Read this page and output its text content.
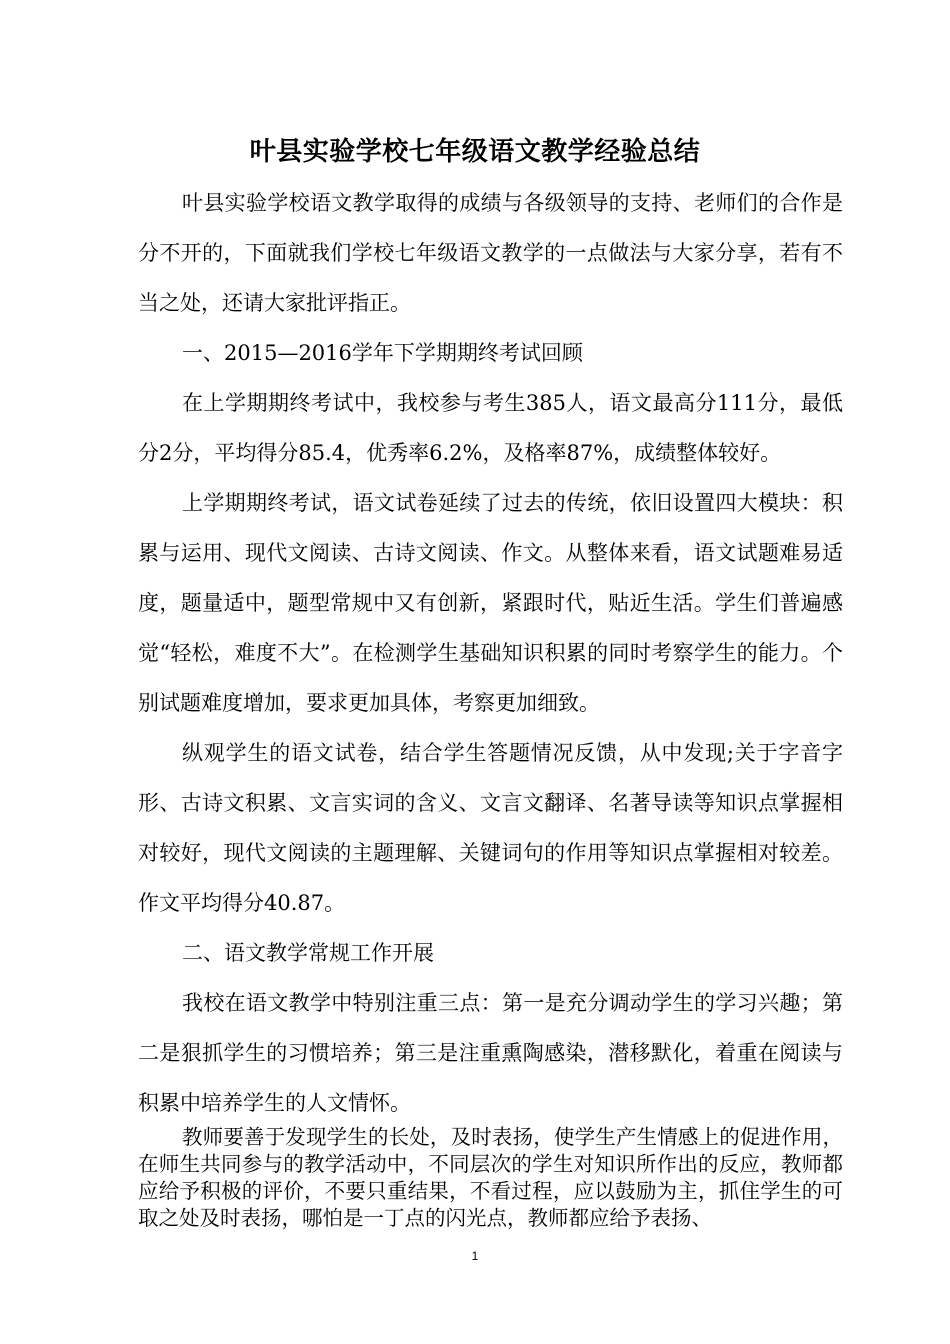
叶县实验学校七年级语文教学经验总结

叶县实验学校语文教学取得的成绩与各级领导的支持、老师们的合作是分不开的，下面就我们学校七年级语文教学的一点做法与大家分享，若有不当之处，还请大家批评指正。

一、2015—2016学年下学期期终考试回顾

在上学期期终考试中，我校参与考生385人，语文最高分111分，最低分2分，平均得分85.4，优秀率6.2%，及格率87%，成绩整体较好。

上学期期终考试，语文试卷延续了过去的传统，依旧设置四大模块：积累与运用、现代文阅读、古诗文阅读、作文。从整体来看，语文试题难易适度，题量适中，题型常规中又有创新，紧跟时代，贴近生活。学生们普遍感觉“轻松，难度不大”。在检测学生基础知识积累的同时考察学生的能力。个别试题难度增加，要求更加具体，考察更加细致。

纵观学生的语文试卷，结合学生答题情况反馈，从中发现;关于字音字形、古诗文积累、文言实词的含义、文言文翻译、名著导读等知识点掌握相对较好，现代文阅读的主题理解、关键词句的作用等知识点掌握相对较差。作文平均得分40.87。

二、语文教学常规工作开展

我校在语文教学中特别注重三点：第一是充分调动学生的学习兴趣；第二是狠抓学生的习惯培养；第三是注重熏陶感染，潜移默化，着重在阅读与积累中培养学生的人文情怀。

教师要善于发现学生的长处，及时表扬，使学生产生情感上的促进作用，在师生共同参与的教学活动中，不同层次的学生对知识所作出的反应，教师都应给予积极的评价，不要只重结果，不看过程，应以鼓励为主，抓住学生的可取之处及时表扬，哪怕是一丁点的闪光点，教师都应给予表扬、

1
